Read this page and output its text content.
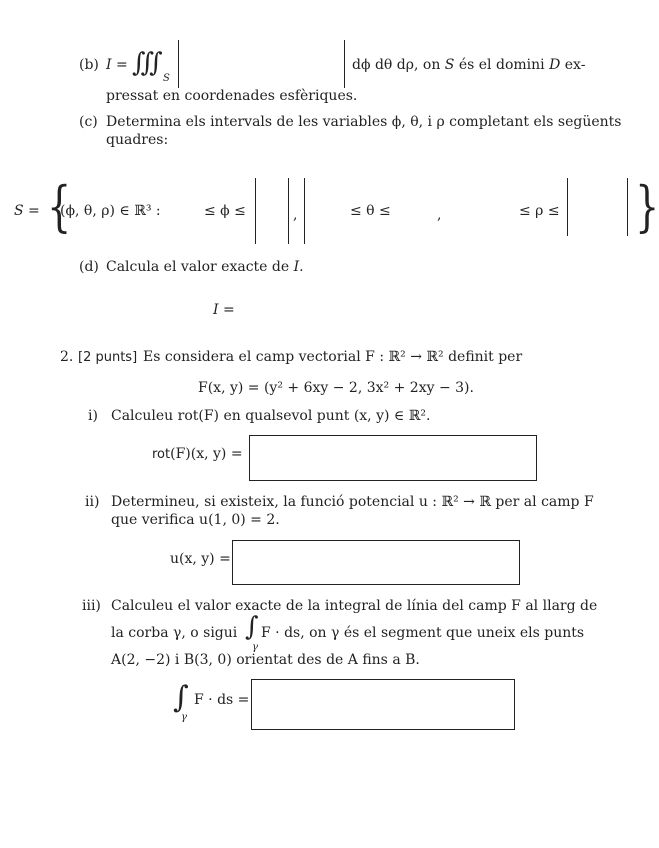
(b) I = ∭
S
dϕ dθ dρ, on S és el domini D ex-
pressat en coordenades esfèriques.
(c) Determina els intervals de les variables ϕ, θ, i ρ completant els següents
quadres:
S = {
(ϕ, θ, ρ) ∈ ℝ³ :	≤ ϕ ≤	,	≤ θ ≤	,	≤ ρ ≤ }
(d) Calcula el valor exacte de I.
I =
2. [2 punts] Es considera el camp vectorial F : ℝ² → ℝ² definit per
F(x, y) = (y² + 6xy − 2, 3x² + 2xy − 3).
i) Calculeu rot(F) en qualsevol punt (x, y) ∈ ℝ².
rot(F)(x, y) =
ii) Determineu, si existeix, la funció potencial u : ℝ² → ℝ per al camp F
que verifica u(1, 0) = 2.
u(x, y) =
iii) Calculeu el valor exacte de la integral de línia del camp F al llarg de
la corba γ, o sigui ∫
γ
F · ds, on γ és el segment que uneix els punts
A(2, −2) i B(3, 0) orientat des de A fins a B.
∫
γ
F · ds =
